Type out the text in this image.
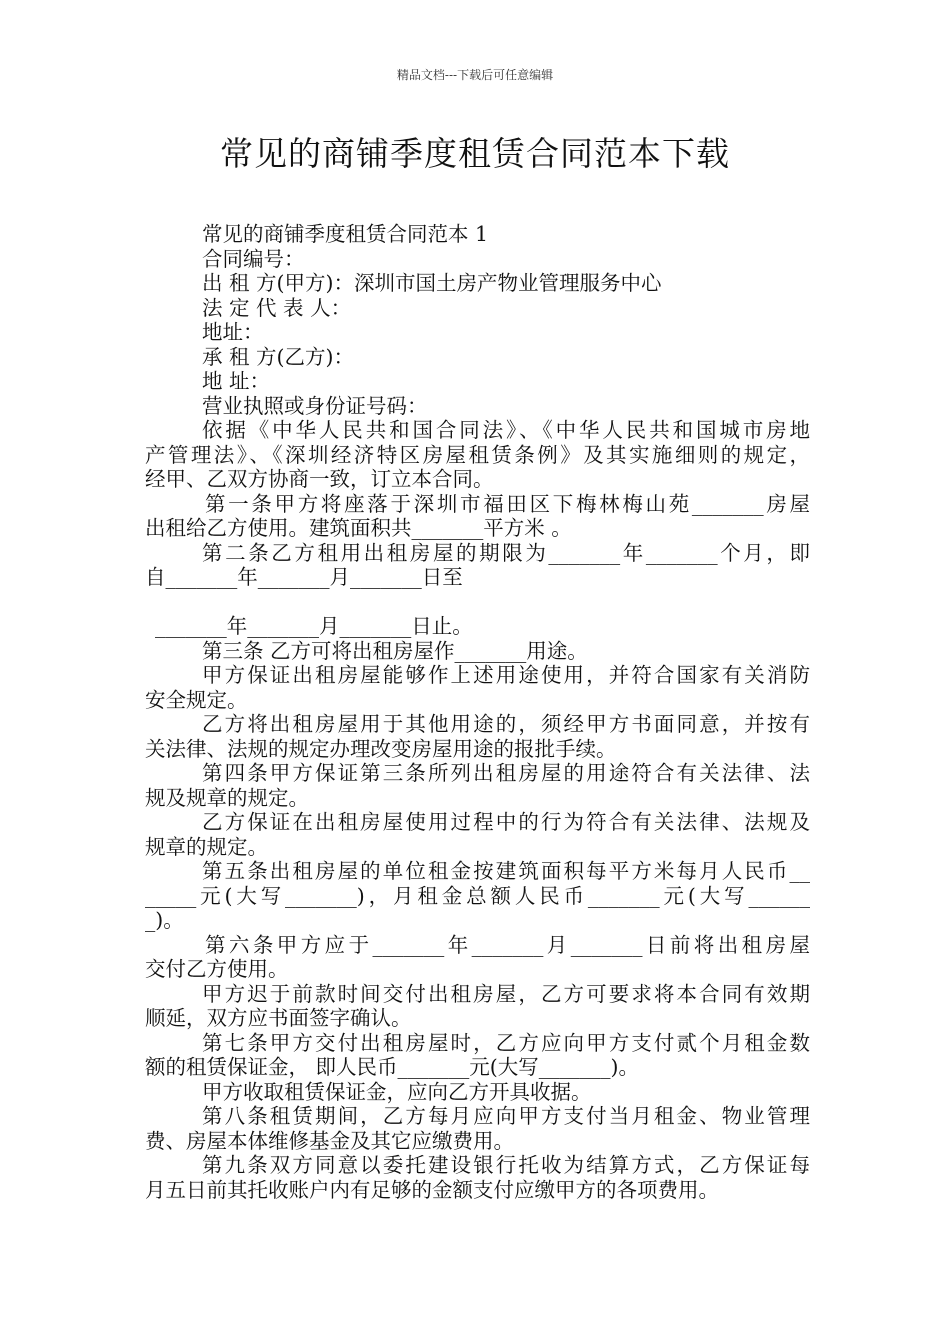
精品文档---下载后可任意编辑
常见的商铺季度租赁合同范本下载
常见的商铺季度租赁合同范本 1
合同编号：
出 租 方(甲方)：深圳市国土房产物业管理服务中心
法 定 代 表 人：
地址：
承 租 方(乙方)：
地 址：
营业执照或身份证号码：
依据《中华人民共和国合同法》、《中华人民共和国城市房地
产管理法》、《深圳经济特区房屋租赁条例》及其实施细则的规定，
经甲、乙双方协商一致，订立本合同。
第一条甲方将座落于深圳市福田区下梅林梅山苑_______房屋
出租给乙方使用。建筑面积共_______平方米 。
第二条乙方租用出租房屋的期限为_______年_______个月，即
自_______年_______月_______日至
_______年_______月_______日止。
第三条 乙方可将出租房屋作_______用途。
甲方保证出租房屋能够作上述用途使用，并符合国家有关消防
安全规定。
乙方将出租房屋用于其他用途的，须经甲方书面同意，并按有
关法律、法规的规定办理改变房屋用途的报批手续。
第四条甲方保证第三条所列出租房屋的用途符合有关法律、法
规及规章的规定。
乙方保证在出租房屋使用过程中的行为符合有关法律、法规及
规章的规定。
第五条出租房屋的单位租金按建筑面积每平方米每月人民币__
_____元(大写_______)，月租金总额人民币_______元(大写______
_)。
第六条甲方应于_______年_______月_______日前将出租房屋
交付乙方使用。
甲方迟于前款时间交付出租房屋，乙方可要求将本合同有效期
顺延，双方应书面签字确认。
第七条甲方交付出租房屋时，乙方应向甲方支付贰个月租金数
额的租赁保证金， 即人民币_______元(大写_______)。
甲方收取租赁保证金，应向乙方开具收据。
第八条租赁期间，乙方每月应向甲方支付当月租金、物业管理
费、房屋本体维修基金及其它应缴费用。
第九条双方同意以委托建设银行托收为结算方式，乙方保证每
月五日前其托收账户内有足够的金额支付应缴甲方的各项费用。
